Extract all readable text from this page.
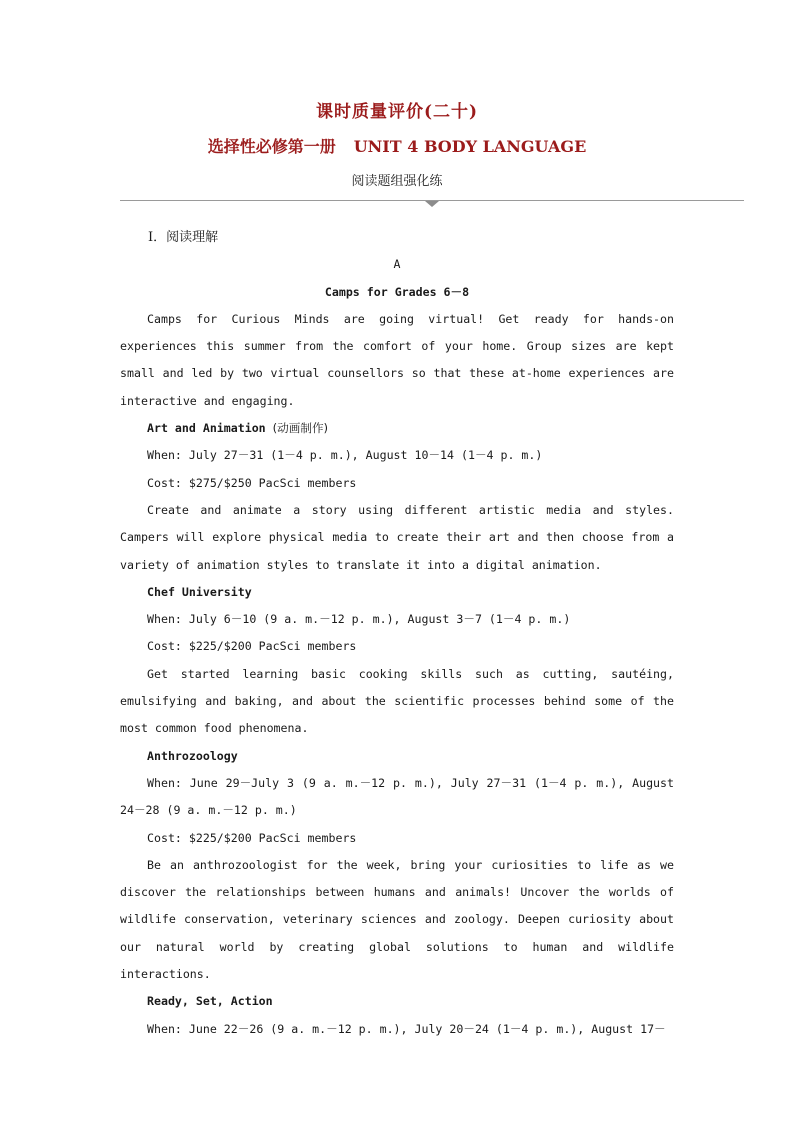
课时质量评价(二十)
选择性必修第一册 UNIT 4 BODY LANGUAGE
阅读题组强化练
Ⅰ．阅读理解
A
Camps for Grades 6－8
Camps for Curious Minds are going virtual! Get ready for hands-on experiences this summer from the comfort of your home. Group sizes are kept small and led by two virtual counsellors so that these at-home experiences are interactive and engaging.
Art and Animation (动画制作)
When: July 27－31 (1－4 p. m.), August 10－14 (1－4 p. m.)
Cost: $275/$250 PacSci members
Create and animate a story using different artistic media and styles. Campers will explore physical media to create their art and then choose from a variety of animation styles to translate it into a digital animation.
Chef University
When: July 6－10 (9 a. m.－12 p. m.), August 3－7 (1－4 p. m.)
Cost: $225/$200 PacSci members
Get started learning basic cooking skills such as cutting, sautéing, emulsifying and baking, and about the scientific processes behind some of the most common food phenomena.
Anthrozoology
When: June 29－July 3 (9 a. m.－12 p. m.), July 27－31 (1－4 p. m.), August 24－28 (9 a. m.－12 p. m.)
Cost: $225/$200 PacSci members
Be an anthrozoologist for the week, bring your curiosities to life as we discover the relationships between humans and animals! Uncover the worlds of wildlife conservation, veterinary sciences and zoology. Deepen curiosity about our natural world by creating global solutions to human and wildlife interactions.
Ready, Set, Action
When: June 22－26 (9 a. m.－12 p. m.), July 20－24 (1－4 p. m.), August 17－
